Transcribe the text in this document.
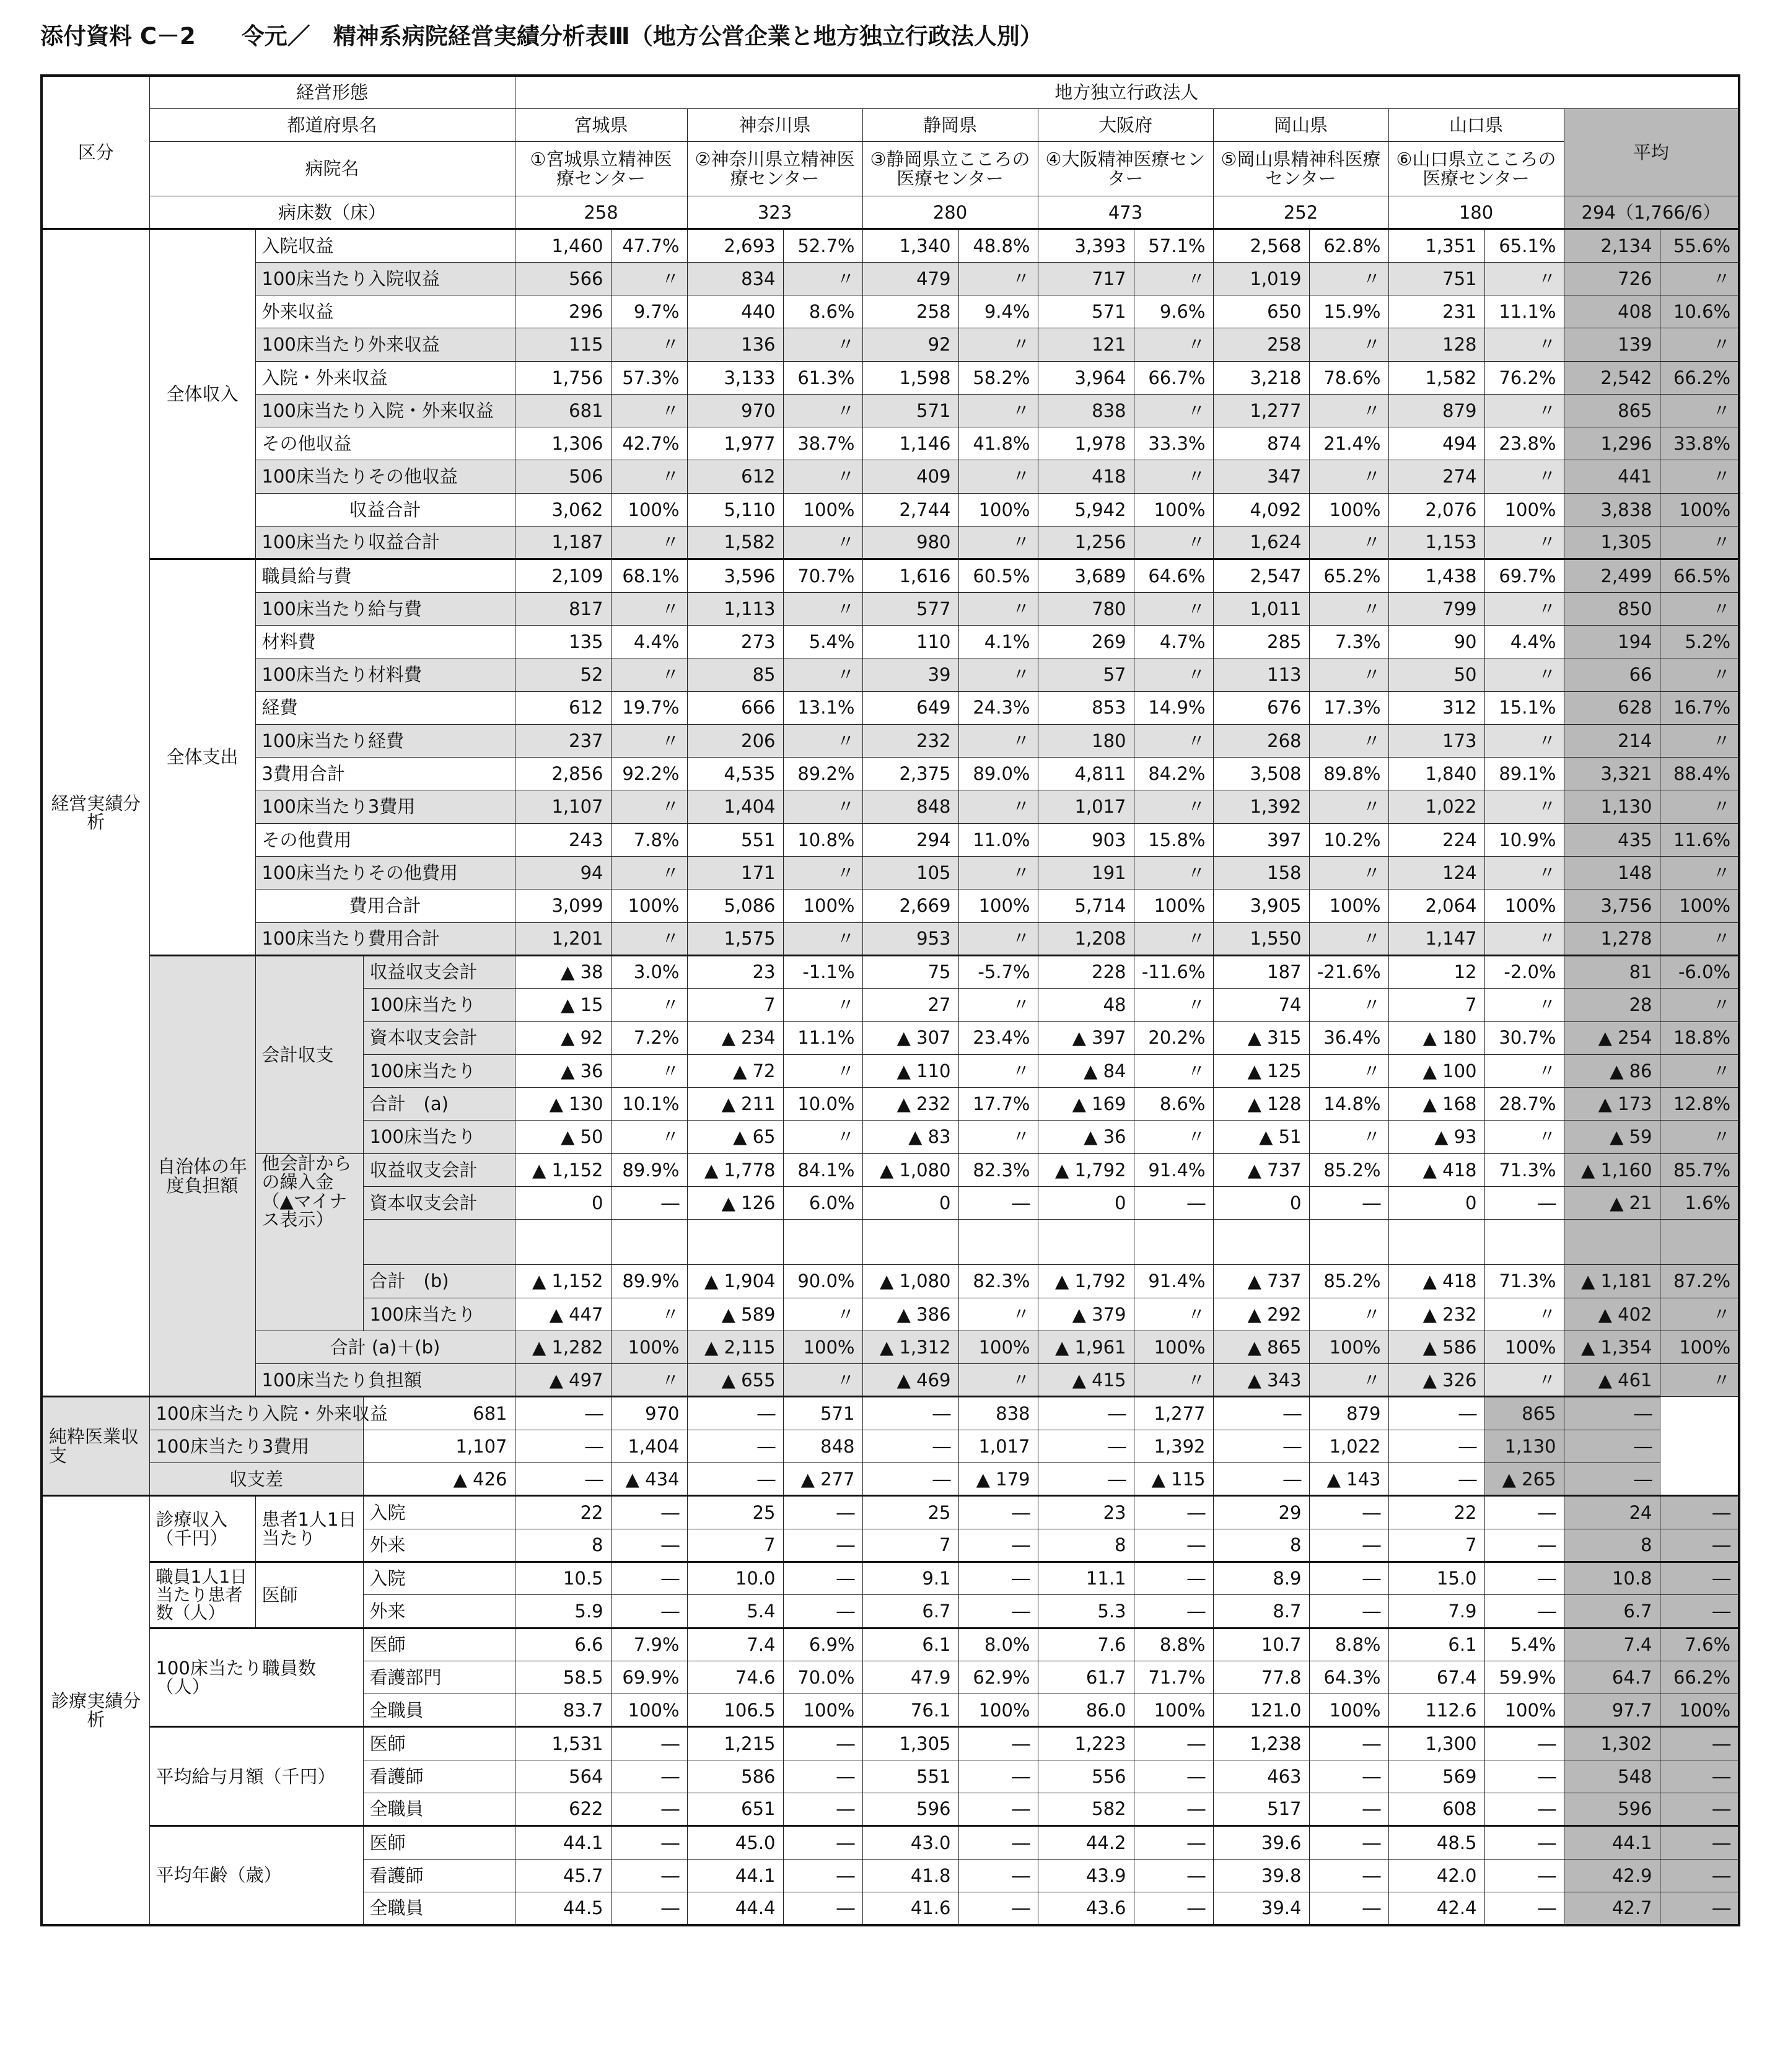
添付資料 C－2　　令元／　精神系病院経営実績分析表Ⅲ（地方公営企業と地方独立行政法人別）
区分	経営形態			地方独立行政法人													
	都道府県名			宮城県		神奈川県		静岡県		大阪府		岡山県		山口県		平均	
	病院名			①宮城県立精神医療センター		②神奈川県立精神医療センター		③静岡県立こころの医療センター		④大阪精神医療センター		⑤岡山県精神科医療センター		⑥山口県立こころの医療センター			
	病床数（床）			258		323		280		473		252		180		294（1,766/6）	
経営実績分析	全体収入	入院収益		1,460	47.7%	2,693	52.7%	1,340	48.8%	3,393	57.1%	2,568	62.8%	1,351	65.1%	2,134	55.6%
		100床当たり入院収益		566	〃	834	〃	479	〃	717	〃	1,019	〃	751	〃	726	〃
		外来収益		296	9.7%	440	8.6%	258	9.4%	571	9.6%	650	15.9%	231	11.1%	408	10.6%
		100床当たり外来収益		115	〃	136	〃	92	〃	121	〃	258	〃	128	〃	139	〃
		入院・外来収益		1,756	57.3%	3,133	61.3%	1,598	58.2%	3,964	66.7%	3,218	78.6%	1,582	76.2%	2,542	66.2%
		100床当たり入院・外来収益		681	〃	970	〃	571	〃	838	〃	1,277	〃	879	〃	865	〃
		その他収益		1,306	42.7%	1,977	38.7%	1,146	41.8%	1,978	33.3%	874	21.4%	494	23.8%	1,296	33.8%
		100床当たりその他収益		506	〃	612	〃	409	〃	418	〃	347	〃	274	〃	441	〃
		収益合計		3,062	100%	5,110	100%	2,744	100%	5,942	100%	4,092	100%	2,076	100%	3,838	100%
		100床当たり収益合計		1,187	〃	1,582	〃	980	〃	1,256	〃	1,624	〃	1,153	〃	1,305	〃
	全体支出	職員給与費		2,109	68.1%	3,596	70.7%	1,616	60.5%	3,689	64.6%	2,547	65.2%	1,438	69.7%	2,499	66.5%
		100床当たり給与費		817	〃	1,113	〃	577	〃	780	〃	1,011	〃	799	〃	850	〃
		材料費		135	4.4%	273	5.4%	110	4.1%	269	4.7%	285	7.3%	90	4.4%	194	5.2%
		100床当たり材料費		52	〃	85	〃	39	〃	57	〃	113	〃	50	〃	66	〃
		経費		612	19.7%	666	13.1%	649	24.3%	853	14.9%	676	17.3%	312	15.1%	628	16.7%
		100床当たり経費		237	〃	206	〃	232	〃	180	〃	268	〃	173	〃	214	〃
		3費用合計		2,856	92.2%	4,535	89.2%	2,375	89.0%	4,811	84.2%	3,508	89.8%	1,840	89.1%	3,321	88.4%
		100床当たり3費用		1,107	〃	1,404	〃	848	〃	1,017	〃	1,392	〃	1,022	〃	1,130	〃
		その他費用		243	7.8%	551	10.8%	294	11.0%	903	15.8%	397	10.2%	224	10.9%	435	11.6%
		100床当たりその他費用		94	〃	171	〃	105	〃	191	〃	158	〃	124	〃	148	〃
		費用合計		3,099	100%	5,086	100%	2,669	100%	5,714	100%	3,905	100%	2,064	100%	3,756	100%
		100床当たり費用合計		1,201	〃	1,575	〃	953	〃	1,208	〃	1,550	〃	1,147	〃	1,278	〃
	自治体の年度負担額	会計収支	収益収支会計	▲ 38	3.0%	23	-1.1%	75	-5.7%	228	-11.6%	187	-21.6%	12	-2.0%	81	-6.0%
			100床当たり	▲ 15	〃	7	〃	27	〃	48	〃	74	〃	7	〃	28	〃
			資本収支会計	▲ 92	7.2%	▲ 234	11.1%	▲ 307	23.4%	▲ 397	20.2%	▲ 315	36.4%	▲ 180	30.7%	▲ 254	18.8%
			100床当たり	▲ 36	〃	▲ 72	〃	▲ 110	〃	▲ 84	〃	▲ 125	〃	▲ 100	〃	▲ 86	〃
			合計　(a)	▲ 130	10.1%	▲ 211	10.0%	▲ 232	17.7%	▲ 169	8.6%	▲ 128	14.8%	▲ 168	28.7%	▲ 173	12.8%
			100床当たり	▲ 50	〃	▲ 65	〃	▲ 83	〃	▲ 36	〃	▲ 51	〃	▲ 93	〃	▲ 59	〃
		他会計からの繰入金（▲マイナス表示）	収益収支会計	▲ 1,152	89.9%	▲ 1,778	84.1%	▲ 1,080	82.3%	▲ 1,792	91.4%	▲ 737	85.2%	▲ 418	71.3%	▲ 1,160	85.7%
			資本収支会計	0	―	▲ 126	6.0%	0	―	0	―	0	―	0	―	▲ 21	1.6%

			合計　(b)	▲ 1,152	89.9%	▲ 1,904	90.0%	▲ 1,080	82.3%	▲ 1,792	91.4%	▲ 737	85.2%	▲ 418	71.3%	▲ 1,181	87.2%
			100床当たり	▲ 447	〃	▲ 589	〃	▲ 386	〃	▲ 379	〃	▲ 292	〃	▲ 232	〃	▲ 402	〃
		合計 (a)＋(b)		▲ 1,282	100%	▲ 2,115	100%	▲ 1,312	100%	▲ 1,961	100%	▲ 865	100%	▲ 586	100%	▲ 1,354	100%
		100床当たり負担額		▲ 497	〃	▲ 655	〃	▲ 469	〃	▲ 415	〃	▲ 343	〃	▲ 326	〃	▲ 461	〃
純粋医業収支	100床当たり入院・外来収益		681	―	970	―	571	―	838	―	1,277	―	879	―	865	―	
	100床当たり3費用		1,107	―	1,404	―	848	―	1,017	―	1,392	―	1,022	―	1,130	―	
	収支差		▲ 426	―	▲ 434	―	▲ 277	―	▲ 179	―	▲ 115	―	▲ 143	―	▲ 265	―	
診療実績分析	診療収入（千円）	患者1人1日当たり	入院	22	―	25	―	25	―	23	―	29	―	22	―	24	―
			外来	8	―	7	―	7	―	8	―	8	―	7	―	8	―
	職員1人1日当たり患者数（人）	医師	入院	10.5	―	10.0	―	9.1	―	11.1	―	8.9	―	15.0	―	10.8	―
			外来	5.9	―	5.4	―	6.7	―	5.3	―	8.7	―	7.9	―	6.7	―
	100床当たり職員数（人）		医師	6.6	7.9%	7.4	6.9%	6.1	8.0%	7.6	8.8%	10.7	8.8%	6.1	5.4%	7.4	7.6%
			看護部門	58.5	69.9%	74.6	70.0%	47.9	62.9%	61.7	71.7%	77.8	64.3%	67.4	59.9%	64.7	66.2%
			全職員	83.7	100%	106.5	100%	76.1	100%	86.0	100%	121.0	100%	112.6	100%	97.7	100%
	平均給与月額（千円）		医師	1,531	―	1,215	―	1,305	―	1,223	―	1,238	―	1,300	―	1,302	―
			看護師	564	―	586	―	551	―	556	―	463	―	569	―	548	―
			全職員	622	―	651	―	596	―	582	―	517	―	608	―	596	―
	平均年齢（歳）		医師	44.1	―	45.0	―	43.0	―	44.2	―	39.6	―	48.5	―	44.1	―
			看護師	45.7	―	44.1	―	41.8	―	43.9	―	39.8	―	42.0	―	42.9	―
			全職員	44.5	―	44.4	―	41.6	―	43.6	―	39.4	―	42.4	―	42.7	―
